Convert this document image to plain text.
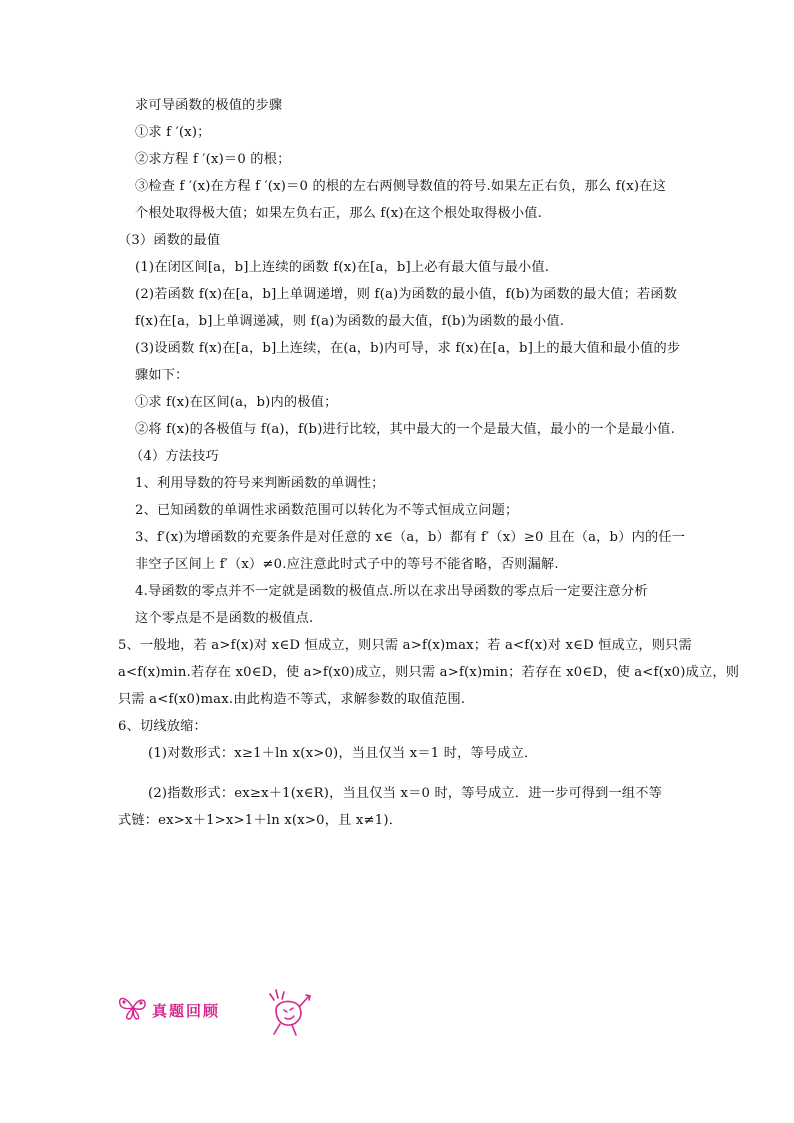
求可导函数的极值的步骤
①求 f ′(x)；
②求方程 f ′(x)＝0 的根；
③检查 f ′(x)在方程 f ′(x)＝0 的根的左右两侧导数值的符号.如果左正右负，那么 f(x)在这
个根处取得极大值；如果左负右正，那么 f(x)在这个根处取得极小值.
（3）函数的最值
(1)在闭区间[a，b]上连续的函数 f(x)在[a，b]上必有最大值与最小值.
(2)若函数 f(x)在[a，b]上单调递增，则 f(a)为函数的最小值，f(b)为函数的最大值；若函数
f(x)在[a，b]上单调递减，则 f(a)为函数的最大值，f(b)为函数的最小值.
(3)设函数 f(x)在[a，b]上连续，在(a，b)内可导，求 f(x)在[a，b]上的最大值和最小值的步
骤如下：
①求 f(x)在区间(a，b)内的极值；
②将 f(x)的各极值与 f(a)，f(b)进行比较，其中最大的一个是最大值，最小的一个是最小值.
（4）方法技巧
1、利用导数的符号来判断函数的单调性；
2、已知函数的单调性求函数范围可以转化为不等式恒成立问题；
3、f′(x)为增函数的充要条件是对任意的 x∈（a，b）都有 f′（x）≥0 且在（a，b）内的任一
非空子区间上 f′（x）≠0.应注意此时式子中的等号不能省略，否则漏解.
4.导函数的零点并不一定就是函数的极值点.所以在求出导函数的零点后一定要注意分析
这个零点是不是函数的极值点.
5、一般地，若 a>f(x)对 x∈D 恒成立，则只需 a>f(x)max；若 a<f(x)对 x∈D 恒成立，则只需
a<f(x)min.若存在 x0∈D，使 a>f(x0)成立，则只需 a>f(x)min；若存在 x0∈D，使 a<f(x0)成立，则
只需 a<f(x0)max.由此构造不等式，求解参数的取值范围.
6、切线放缩：
(1)对数形式：x≥1＋ln x(x>0)，当且仅当 x＝1 时，等号成立．
(2)指数形式：ex≥x＋1(x∈R)，当且仅当 x＝0 时，等号成立．进一步可得到一组不等
式链：ex>x＋1>x>1＋ln x(x>0，且 x≠1)．
真题回顾
